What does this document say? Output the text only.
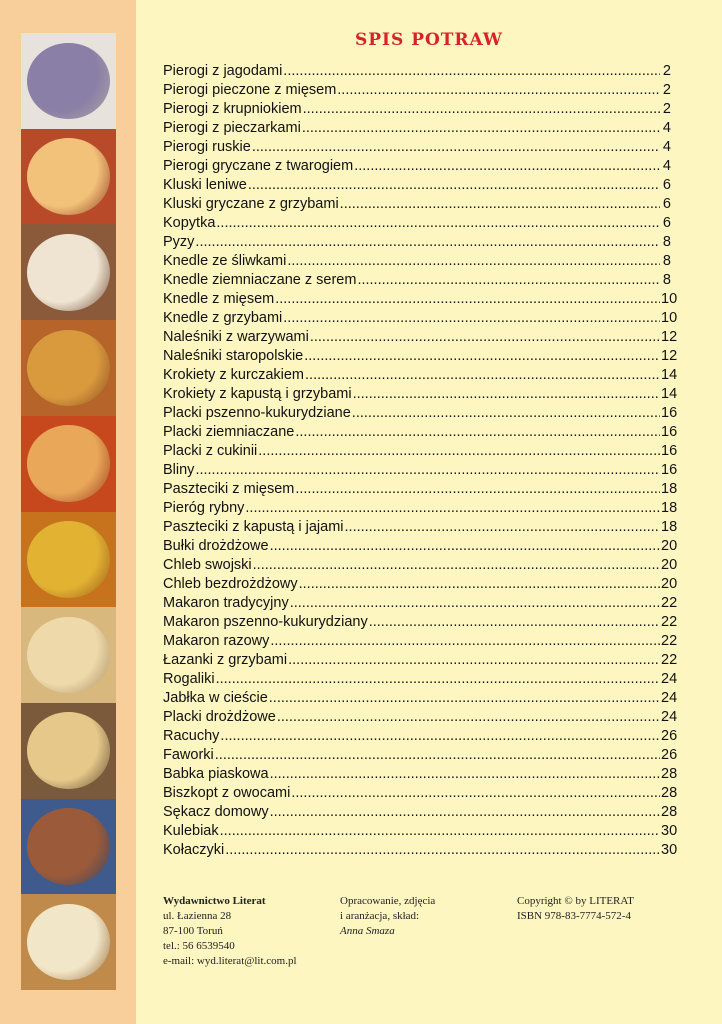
SPIS POTRAW
Pierogi z jagodami .....	2
Pierogi pieczone z mięsem .....	2
Pierogi z krupniokiem .....	2
Pierogi z pieczarkami .....	4
Pierogi ruskie .....	4
Pierogi gryczane z twarogiem .....	4
Kluski leniwe .....	6
Kluski gryczane z grzybami .....	6
Kopytka .....	6
Pyzy .....	8
Knedle ze śliwkami .....	8
Knedle ziemniaczane z serem .....	8
Knedle z mięsem .....	10
Knedle z grzybami .....	10
Naleśniki z warzywami .....	12
Naleśniki staropolskie .....	12
Krokiety z kurczakiem .....	14
Krokiety z kapustą i grzybami .....	14
Placki pszenno-kukurydziane .....	16
Placki ziemniaczane .....	16
Placki z cukinii .....	16
Bliny .....	16
Paszteciki z mięsem .....	18
Pieróg rybny .....	18
Paszteciki z kapustą i jajami .....	18
Bułki drożdżowe .....	20
Chleb swojski .....	20
Chleb bezdrożdżowy .....	20
Makaron tradycyjny .....	22
Makaron pszenno-kukurydziany .....	22
Makaron razowy .....	22
Łazanki z grzybami .....	22
Rogaliki .....	24
Jabłka w cieście .....	24
Placki drożdżowe .....	24
Racuchy .....	26
Faworki .....	26
Babka piaskowa .....	28
Biszkopt z owocami .....	28
Sękacz domowy .....	28
Kulebiak .....	30
Kołaczyki .....	30
Wydawnictwo Literat
ul. Łazienna 28
87-100 Toruń
tel.: 56 6539540
e-mail: wyd.literat@lit.com.pl
Opracowanie, zdjęcia
i aranżacja, skład:
Anna Smaza
Copyright © by LITERAT
ISBN 978-83-7774-572-4
